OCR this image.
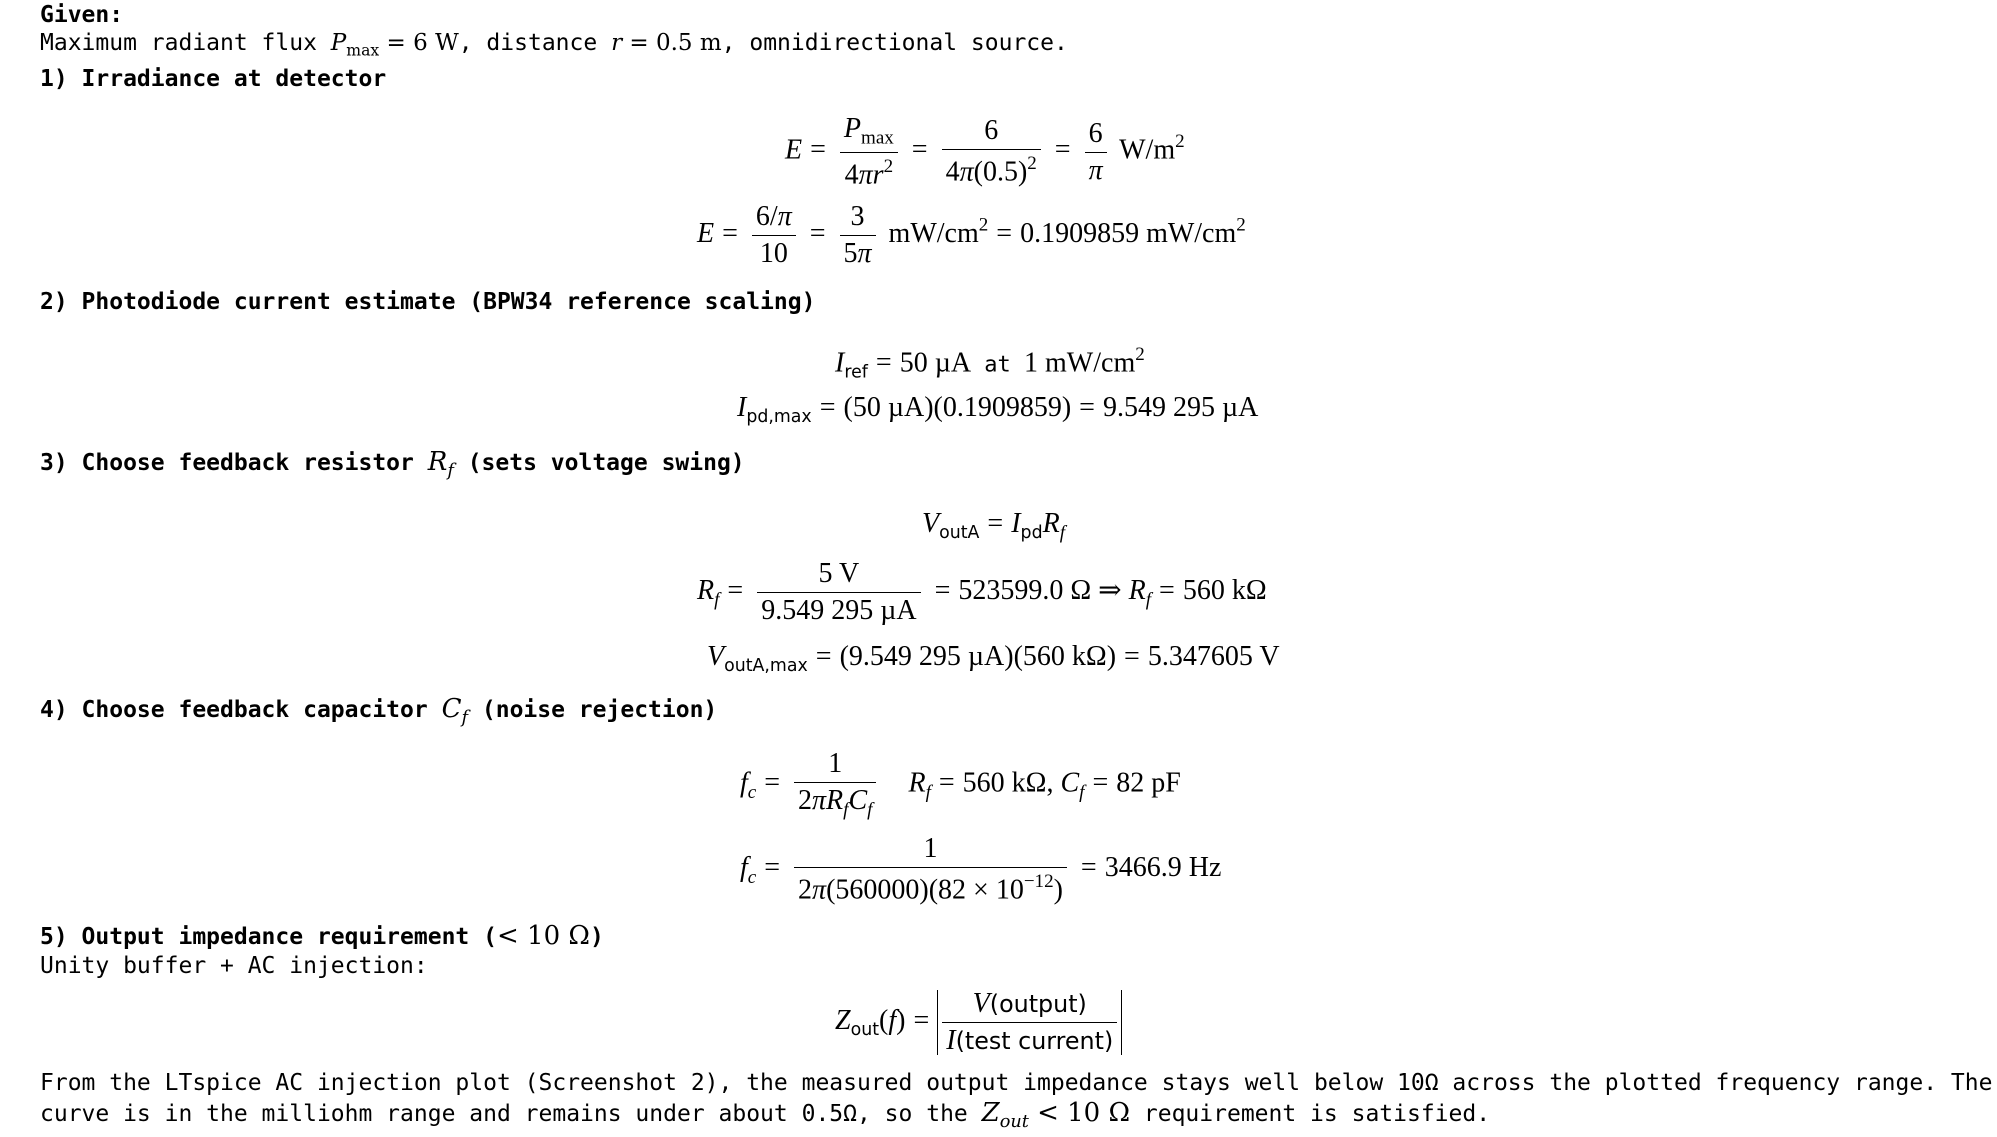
Given:
Maximum radiant flux $P_{max} = 6$ W, distance r = 0.5 m, omnidirectional source.
1) Irradiance at detector
$E = \frac{P_{max}}{4\pi r^2} = \frac{6}{4\pi(0.5)^2} = \frac{6}{\pi} W/m^2$
$E = \frac{6/\pi}{10} = \frac{3}{5\pi} mW/cm^2 = 0.1909859$ $mW/cm^2$
2) Photodiode current estimate (BPW34 reference scaling)
$I_{ref} = 50$ µA at 1 $mW/cm^2$
$I_{pd,max} = (50$ µA)(0.1909859) = 9.549 295 µA
3) Choose feedback resistor $R_f$ (sets voltage swing)
$V_{outA} = I_{pd}R_f$
$R_f = \frac{5 V}{\text{9.549 295 µA}} = 523599.0$ Ω ⇒ $R_f = 560$ kΩ
$V_{outA,max} = (9.549$ 295 µA)(560 kΩ) = 5.347605 V
4) Choose feedback capacitor $C_f$ (noise rejection)
$f_c = \frac{1}{2\pi R_fC_f} R_f = 560$ kΩ, $C_f = 82$ pF
$f_c = \frac{1}{2\pi(560000)(82 \times 10^{-12})} = 3466.9$ Hz
5) Output impedance requirement (< 10 Ω)
Unity buffer + AC injection:
$Z_{out}(f) = \frac{\text{V(output)}}{\text{I(test current)}}$
From the LTspice AC injection plot (Screenshot 2), the measured output impedance stays well below 10Ω across the plotted frequency range. The
curve is in the milliohm range and remains under about 0.5Ω, so the $Z_{out} < 10$ Ω requirement is satisfied.
